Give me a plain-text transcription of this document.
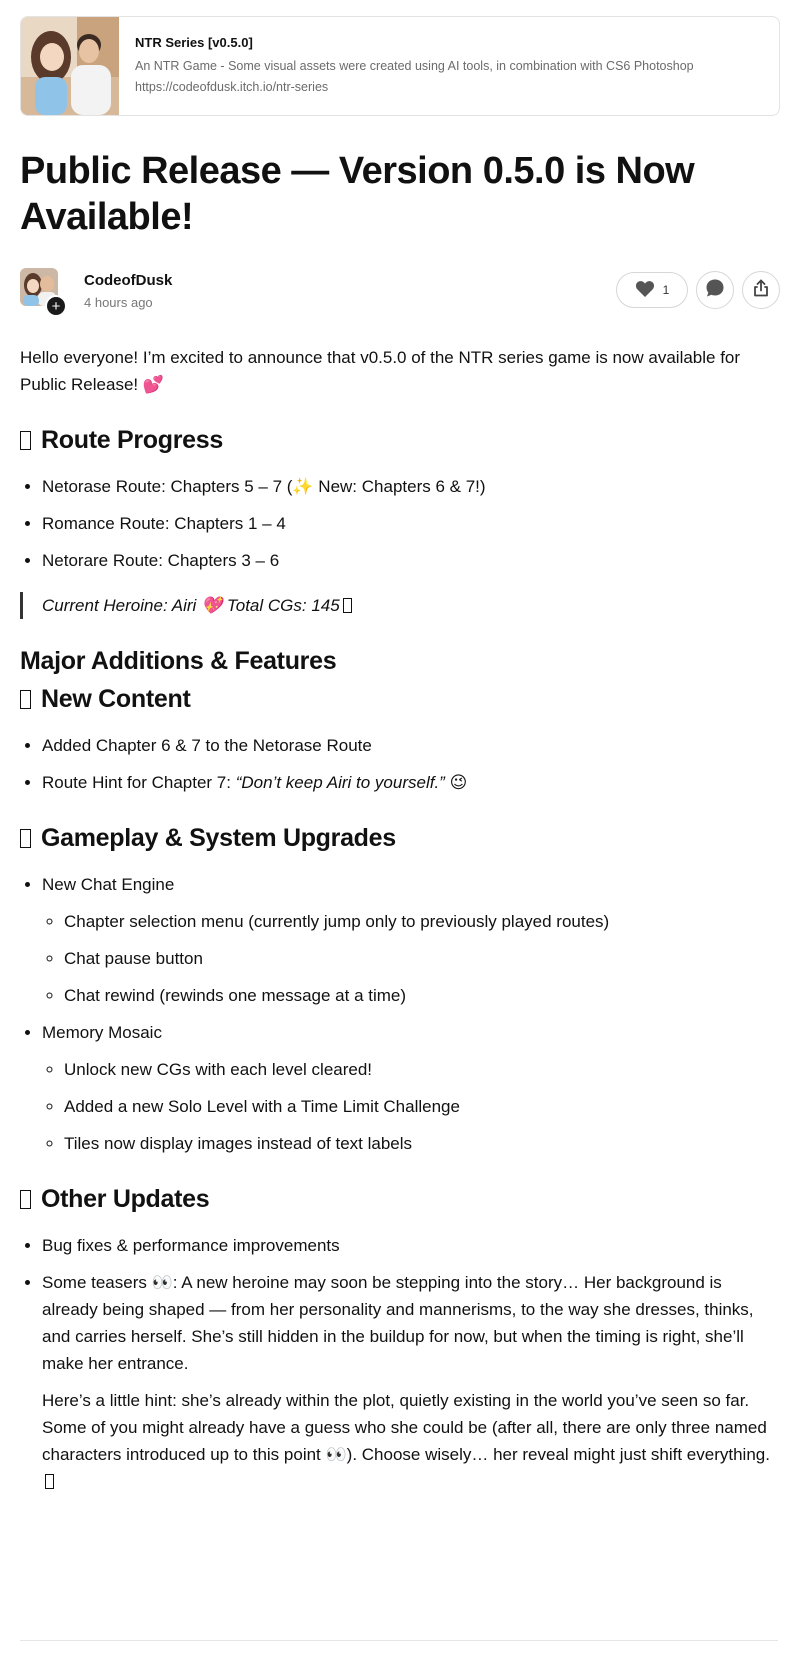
NTR Series [v0.5.0]
An NTR Game - Some visual assets were created using AI tools, in combination with CS6 Photoshop
https://codeofdusk.itch.io/ntr-series
Public Release — Version 0.5.0 is Now Available!
+
CodeofDusk
4 hours ago
1

Hello everyone! I’m excited to announce that v0.5.0 of the NTR series game is now available for Public Release! 💕

Route Progress
• Netorase Route: Chapters 5 – 7 (✨ New: Chapters 6 & 7!)
• Romance Route: Chapters 1 – 4
• Netorare Route: Chapters 3 – 6
Current Heroine: Airi 💖 Total CGs: 145
Major Additions & Features
New Content
• Added Chapter 6 & 7 to the Netorase Route
• Route Hint for Chapter 7: “Don’t keep Airi to yourself.” 😉
Gameplay & System Upgrades
• New Chat Engine
◦ Chapter selection menu (currently jump only to previously played routes)
◦ Chat pause button
◦ Chat rewind (rewinds one message at a time)
• Memory Mosaic
◦ Unlock new CGs with each level cleared!
◦ Added a new Solo Level with a Time Limit Challenge
◦ Tiles now display images instead of text labels
Other Updates
• Bug fixes & performance improvements

• Some teasers 👀: A new heroine may soon be stepping into the story… Her background is already being shaped — from her personality and mannerisms, to the way she dresses, thinks, and carries herself. She’s still hidden in the buildup for now, but when the timing is right, she’ll make her entrance.

Here’s a little hint: she’s already within the plot, quietly existing in the world you’ve seen so far. Some of you might already have a guess who she could be (after all, there are only three named characters introduced up to this point 👀). Choose wisely… her reveal might just shift everything.
